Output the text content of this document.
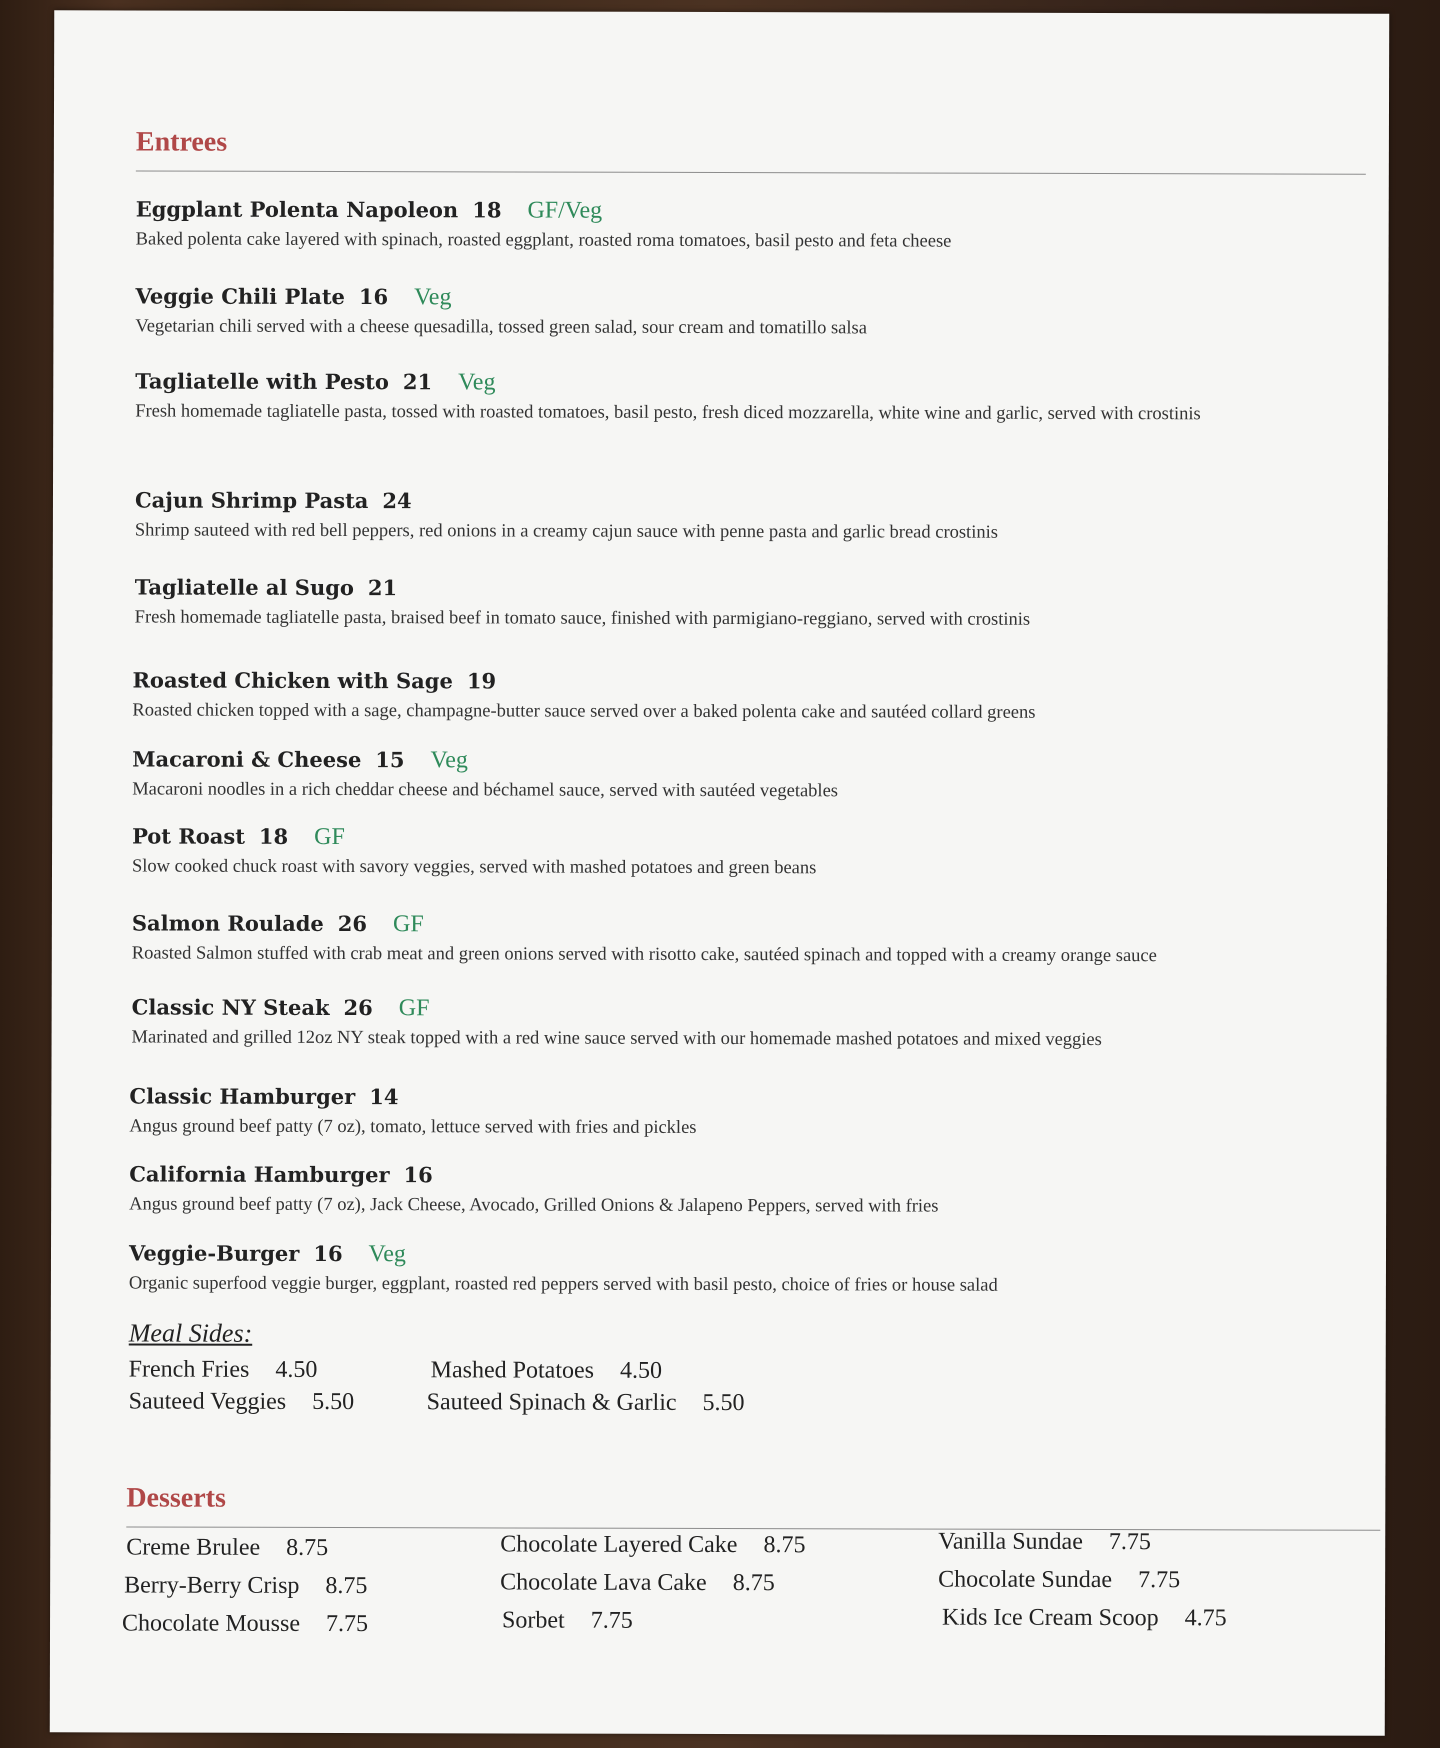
Entrees
Eggplant Polenta Napoleon 18 GF/Veg
Baked polenta cake layered with spinach, roasted eggplant, roasted roma tomatoes, basil pesto and feta cheese
Veggie Chili Plate 16 Veg
Vegetarian chili served with a cheese quesadilla, tossed green salad, sour cream and tomatillo salsa
Tagliatelle with Pesto 21 Veg
Fresh homemade tagliatelle pasta, tossed with roasted tomatoes, basil pesto, fresh diced mozzarella, white wine and garlic, served with crostinis
Cajun Shrimp Pasta 24
Shrimp sauteed with red bell peppers, red onions in a creamy cajun sauce with penne pasta and garlic bread crostinis
Tagliatelle al Sugo 21
Fresh homemade tagliatelle pasta, braised beef in tomato sauce, finished with parmigiano-reggiano, served with crostinis
Roasted Chicken with Sage 19
Roasted chicken topped with a sage, champagne-butter sauce served over a baked polenta cake and sautéed collard greens
Macaroni & Cheese 15 Veg
Macaroni noodles in a rich cheddar cheese and béchamel sauce, served with sautéed vegetables
Pot Roast 18 GF
Slow cooked chuck roast with savory veggies, served with mashed potatoes and green beans
Salmon Roulade 26 GF
Roasted Salmon stuffed with crab meat and green onions served with risotto cake, sautéed spinach and topped with a creamy orange sauce
Classic NY Steak 26 GF
Marinated and grilled 12oz NY steak topped with a red wine sauce served with our homemade mashed potatoes and mixed veggies
Classic Hamburger 14
Angus ground beef patty (7 oz), tomato, lettuce served with fries and pickles
California Hamburger 16
Angus ground beef patty (7 oz), Jack Cheese, Avocado, Grilled Onions & Jalapeno Peppers, served with fries
Veggie-Burger 16 Veg
Organic superfood veggie burger, eggplant, roasted red peppers served with basil pesto, choice of fries or house salad
Meal Sides:
French Fries 4.50	Mashed Potatoes 4.50
Sauteed Veggies 5.50	Sauteed Spinach & Garlic 5.50
Desserts
Creme Brulee 8.75
Berry-Berry Crisp 8.75
Chocolate Mousse 7.75
Chocolate Layered Cake 8.75
Chocolate Lava Cake 8.75
Sorbet 7.75
Vanilla Sundae 7.75
Chocolate Sundae 7.75
Kids Ice Cream Scoop 4.75
